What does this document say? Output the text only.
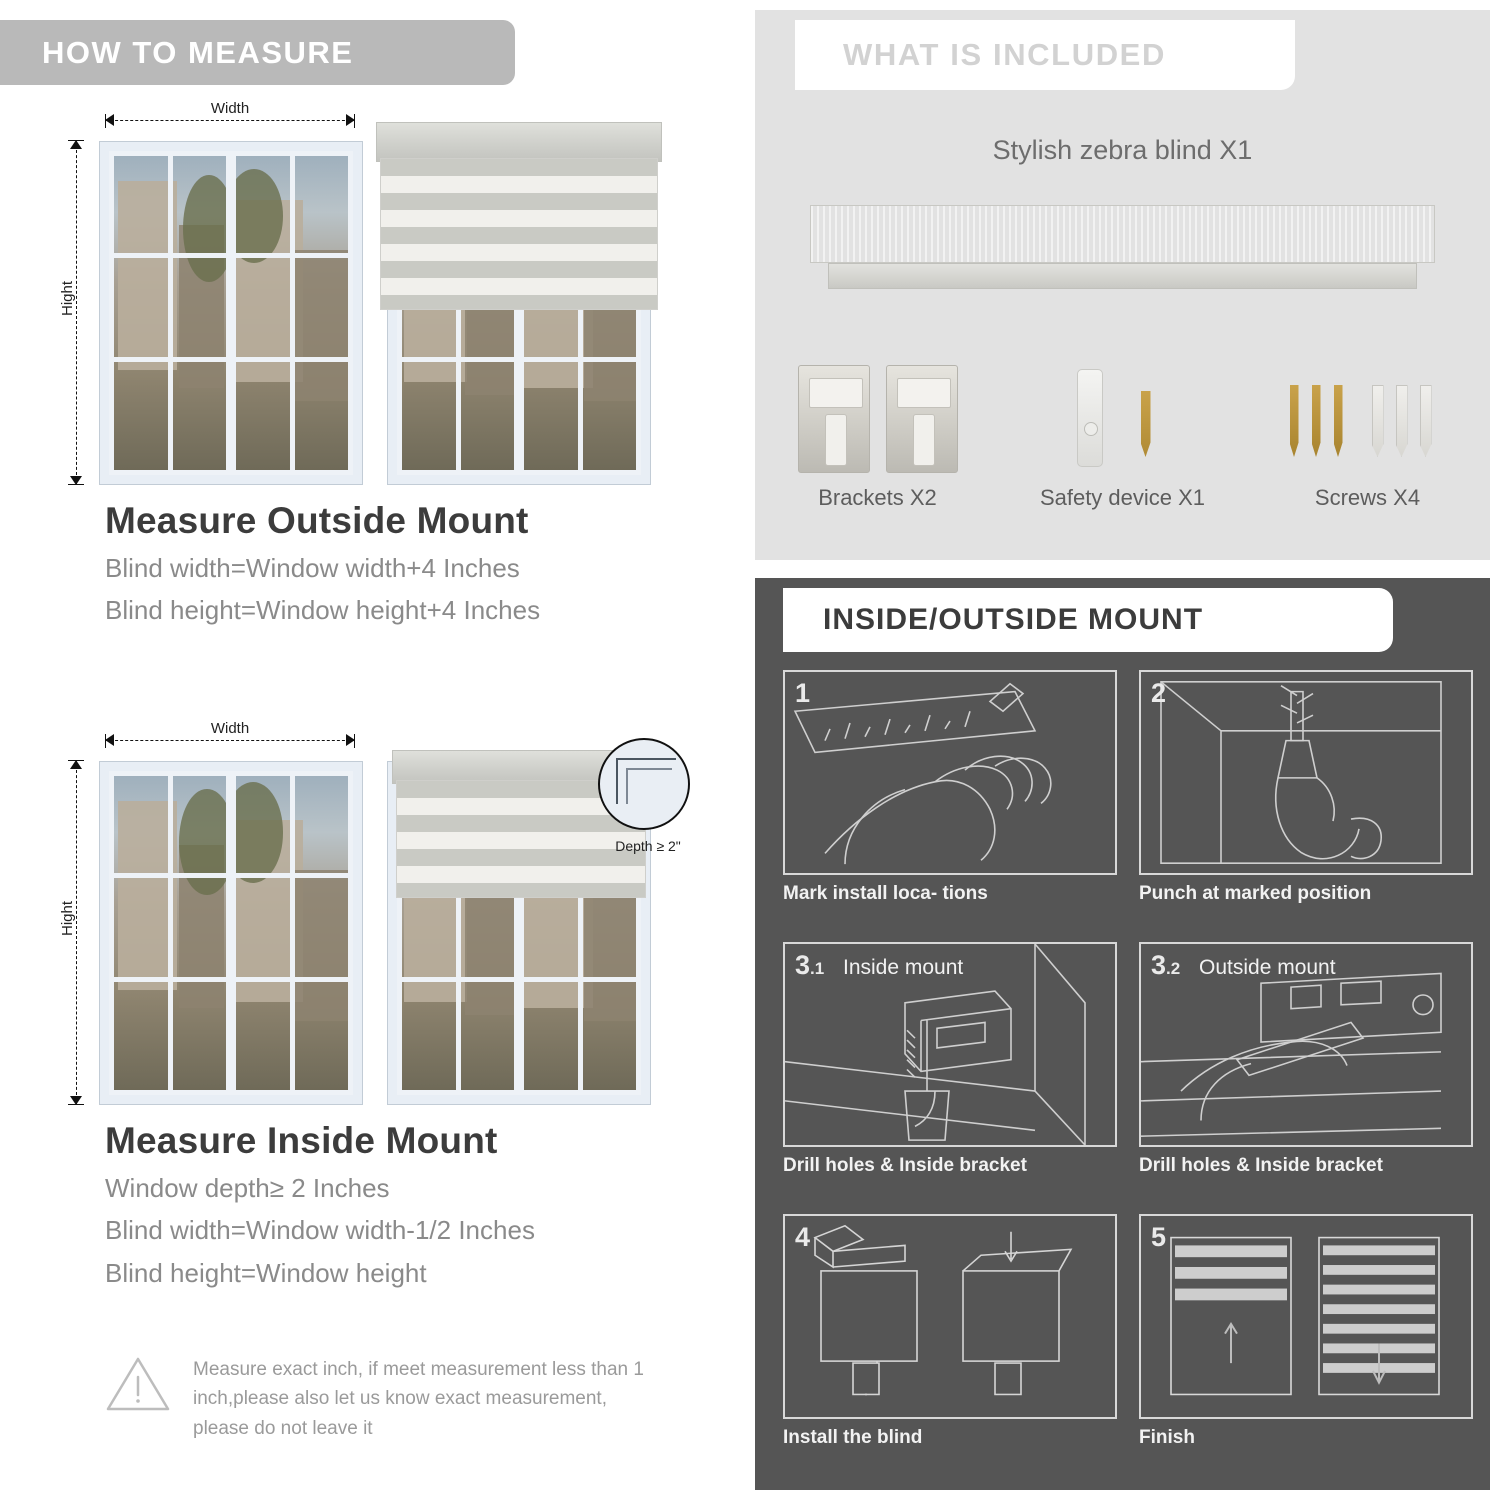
HOW TO MEASURE
Width
Hight
Measure Outside Mount

Blind width=Window width+4 Inches

Blind height=Window height+4 Inches

Width
Hight
Depth ≥ 2"
Measure Inside Mount

Window depth≥ 2 Inches

Blind width=Window width-1/2 Inches

Blind height=Window height

Measure exact inch, if meet measurement less than 1 inch,please also let us know exact measurement, please do not leave it
WHAT IS INCLUDED
Stylish zebra blind X1
Brackets X2	Safety device X1	Screws X4
INSIDE/OUTSIDE MOUNT
1
Mark install loca- tions
2
Punch at marked position
3.1 Inside mount
Drill holes & Inside bracket
3.2 Outside mount
Drill holes & Inside bracket
4
Install the blind
5
Finish
